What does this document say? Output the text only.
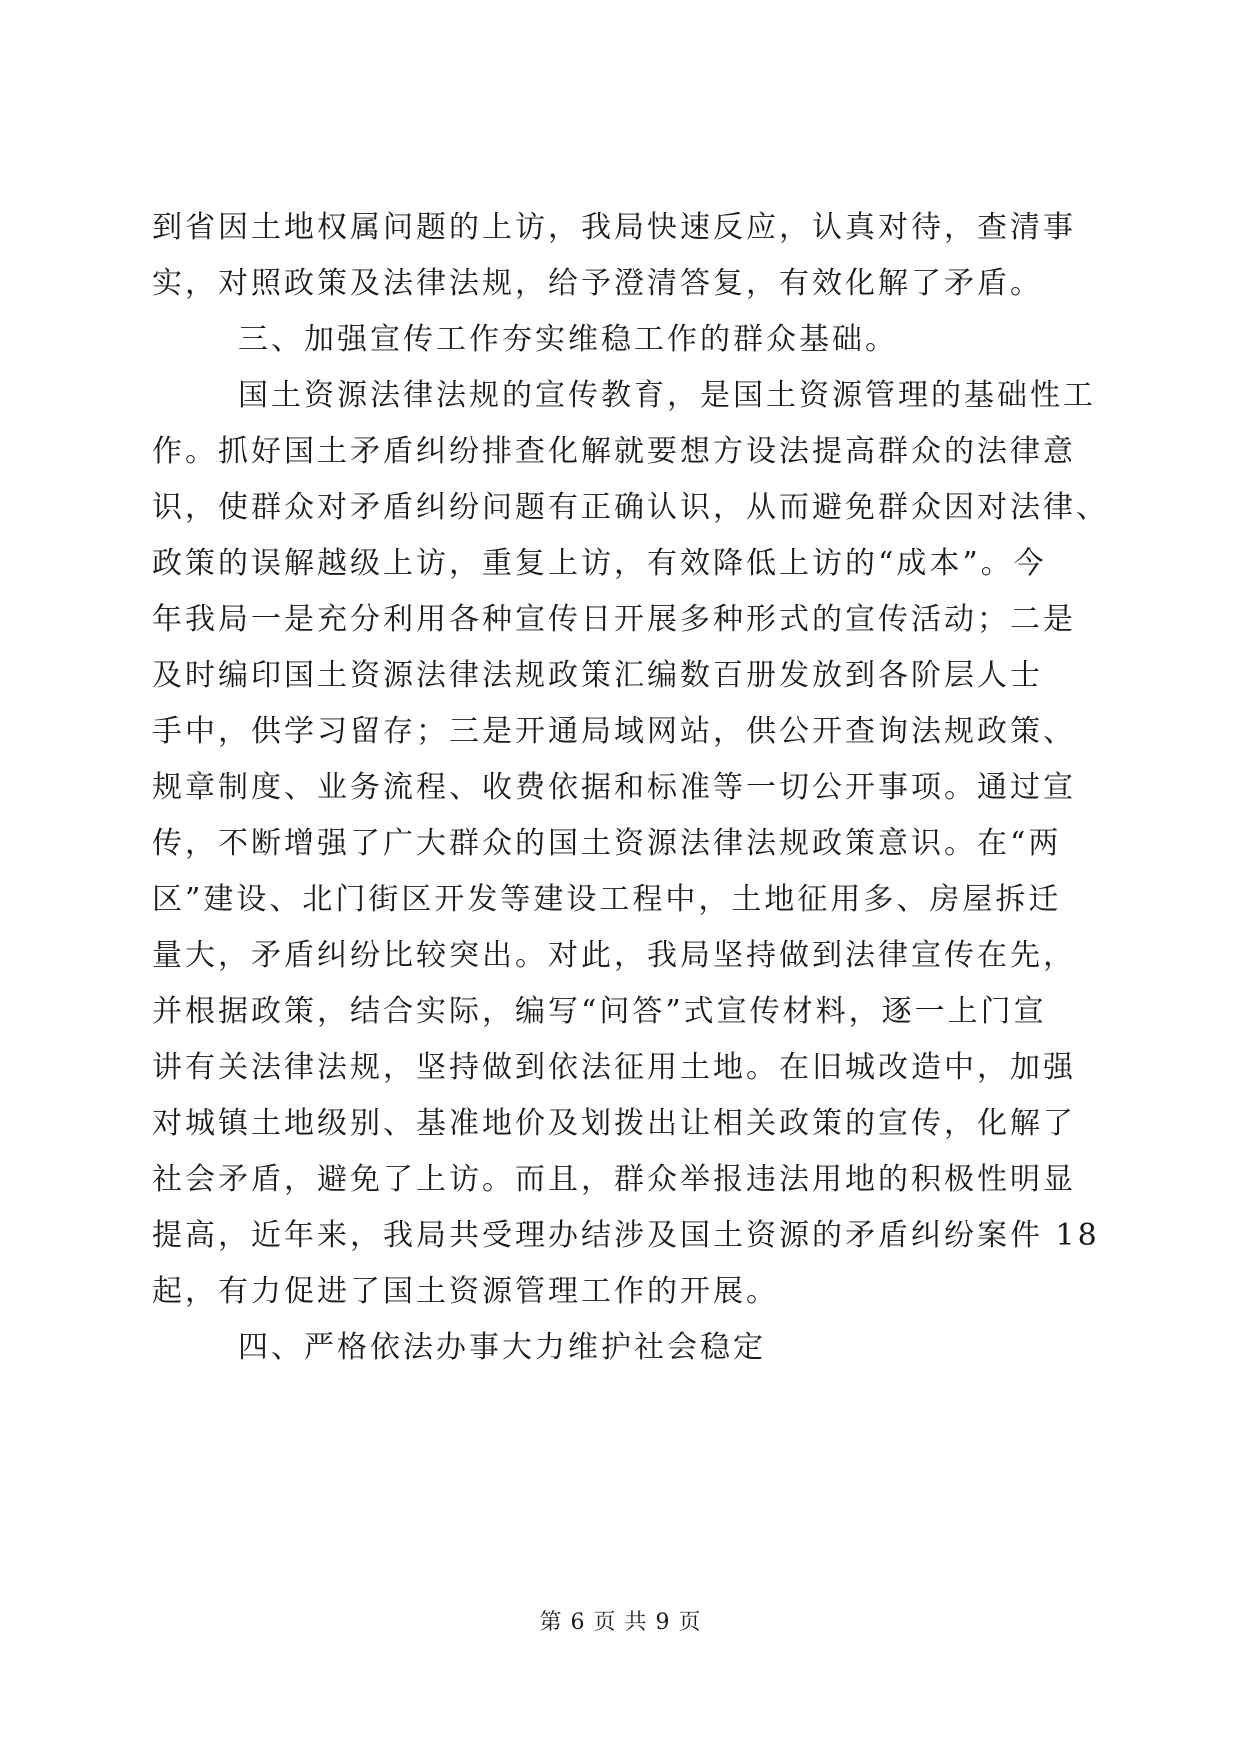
到省因土地权属问题的上访，我局快速反应，认真对待，查清事
实，对照政策及法律法规，给予澄清答复，有效化解了矛盾。
三、加强宣传工作夯实维稳工作的群众基础。
国土资源法律法规的宣传教育，是国土资源管理的基础性工
作。抓好国土矛盾纠纷排查化解就要想方设法提高群众的法律意
识，使群众对矛盾纠纷问题有正确认识，从而避免群众因对法律、
政策的误解越级上访，重复上访，有效降低上访的“成本”。今
年我局一是充分利用各种宣传日开展多种形式的宣传活动；二是
及时编印国土资源法律法规政策汇编数百册发放到各阶层人士
手中，供学习留存；三是开通局域网站，供公开查询法规政策、
规章制度、业务流程、收费依据和标准等一切公开事项。通过宣
传，不断增强了广大群众的国土资源法律法规政策意识。在“两
区”建设、北门街区开发等建设工程中，土地征用多、房屋拆迁
量大，矛盾纠纷比较突出。对此，我局坚持做到法律宣传在先，
并根据政策，结合实际，编写“问答”式宣传材料，逐一上门宣
讲有关法律法规，坚持做到依法征用土地。在旧城改造中，加强
对城镇土地级别、基准地价及划拨出让相关政策的宣传，化解了
社会矛盾，避免了上访。而且，群众举报违法用地的积极性明显
提高，近年来，我局共受理办结涉及国土资源的矛盾纠纷案件 18
起，有力促进了国土资源管理工作的开展。
四、严格依法办事大力维护社会稳定
第 6 页 共 9 页
